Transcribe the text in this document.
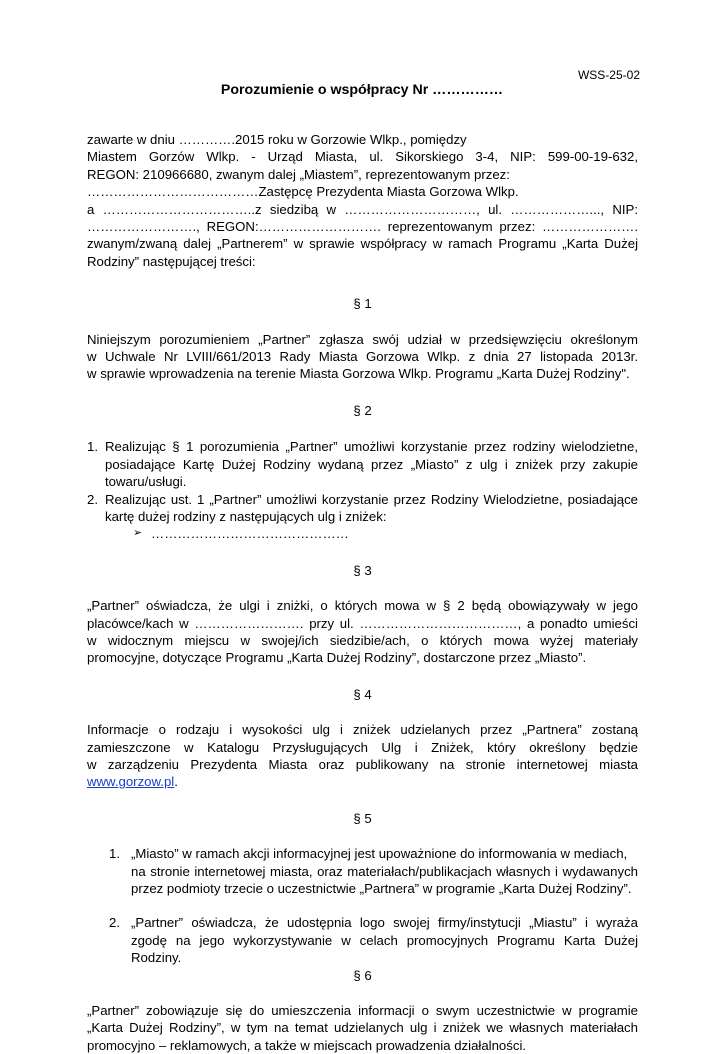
WSS-25-02
Porozumienie o współpracy Nr ……………

zawarte w dniu ………….2015 roku w Gorzowie Wlkp., pomiędzy

Miastem Gorzów Wlkp. - Urząd Miasta, ul. Sikorskiego 3-4, NIP: 599-00-19-632,

REGON: 210966680, zwanym dalej „Miastem”, reprezentowanym przez:

…………………………………Zastępcę Prezydenta Miasta Gorzowa Wlkp.

a ……………………………..z siedzibą w …………………………, ul. ………………..., NIP:

……………………., REGON:………………………. reprezentowanym przez: ………………….

zwanym/zwaną dalej „Partnerem” w sprawie współpracy w ramach Programu „Karta Dużej

Rodziny” następującej treści:

§ 1

Niniejszym porozumieniem „Partner” zgłasza swój udział w przedsięwzięciu określonym

w Uchwale Nr LVIII/661/2013 Rady Miasta Gorzowa Wlkp. z dnia 27 listopada 2013r.

w sprawie wprowadzenia na terenie Miasta Gorzowa Wlkp. Programu „Karta Dużej Rodziny".

§ 2

1. Realizując § 1 porozumienia „Partner” umożliwi korzystanie przez rodziny wielodzietne,

posiadające Kartę Dużej Rodziny wydaną przez „Miasto” z ulg i zniżek przy zakupie

towaru/usługi.

2. Realizując ust. 1 „Partner” umożliwi korzystanie przez Rodziny Wielodzietne, posiadające

kartę dużej rodziny z następujących ulg i zniżek:

➢ ………………………………………

§ 3

„Partner” oświadcza, że ulgi i zniżki, o których mowa w § 2 będą obowiązywały w jego

placówce/kach w ……………………. przy ul. ………………………………, a ponadto umieści

w widocznym miejscu w swojej/ich siedzibie/ach, o których mowa wyżej materiały

promocyjne, dotyczące Programu „Karta Dużej Rodziny”, dostarczone przez „Miasto”.

§ 4

Informacje o rodzaju i wysokości ulg i zniżek udzielanych przez „Partnera” zostaną

zamieszczone w Katalogu Przysługujących Ulg i Zniżek, który określony będzie

w zarządzeniu Prezydenta Miasta oraz publikowany na stronie internetowej miasta

www.gorzow.pl.

§ 5

1. „Miasto” w ramach akcji informacyjnej jest upoważnione do informowania w mediach,

na stronie internetowej miasta, oraz materiałach/publikacjach własnych i wydawanych

przez podmioty trzecie o uczestnictwie „Partnera” w programie „Karta Dużej Rodziny”.

2. „Partner” oświadcza, że udostępnia logo swojej firmy/instytucji „Miastu” i wyraża

zgodę na jego wykorzystywanie w celach promocyjnych Programu Karta Dużej

Rodziny.

§ 6

„Partner” zobowiązuje się do umieszczenia informacji o swym uczestnictwie w programie

„Karta Dużej Rodziny”, w tym na temat udzielanych ulg i zniżek we własnych materiałach

promocyjno – reklamowych, a także w miejscach prowadzenia działalności.
